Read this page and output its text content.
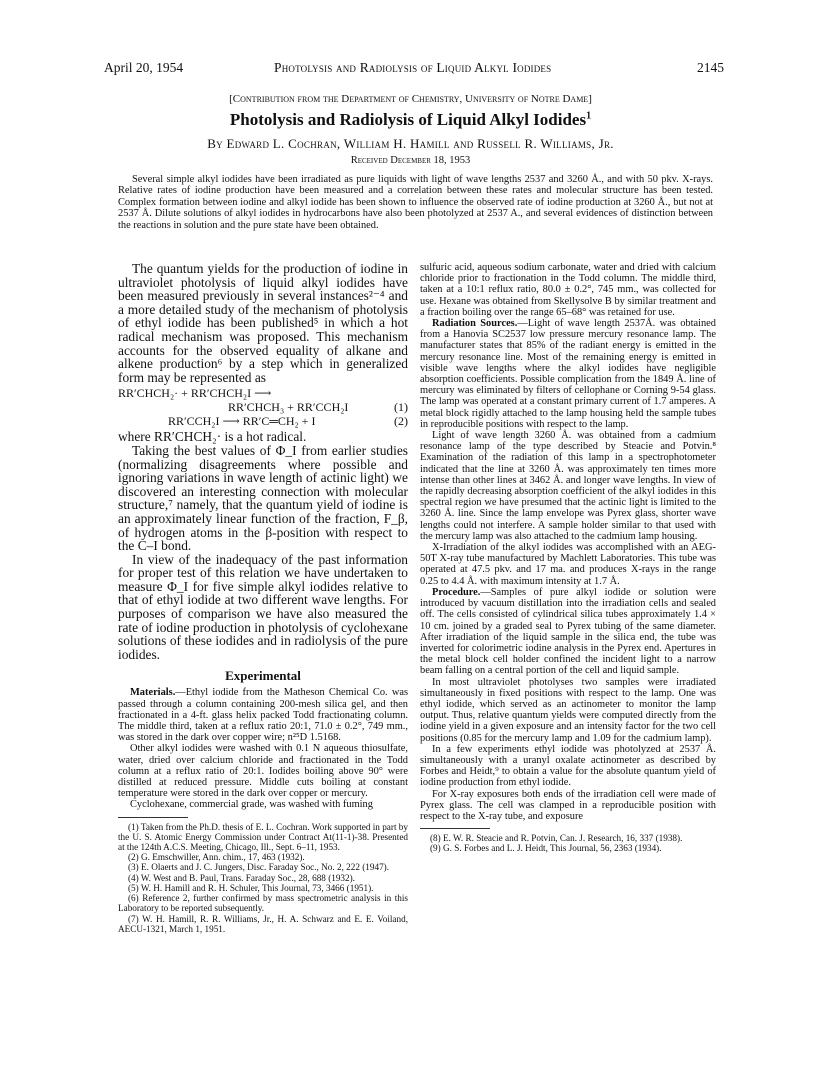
April 20, 1954	Photolysis and Radiolysis of Liquid Alkyl Iodides	2145
[Contribution from the Department of Chemistry, University of Notre Dame]
Photolysis and Radiolysis of Liquid Alkyl Iodides$^1$
By Edward L. Cochran, William H. Hamill and Russell R. Williams, Jr.
Received December 18, 1953

Several simple alkyl iodides have been irradiated as pure liquids with light of wave lengths 2537 and 3260 Å., and with 50 pkv. X-rays. Relative rates of iodine production have been measured and a correlation between these rates and molecular structure has been tested. Complex formation between iodine and alkyl iodide has been shown to influence the observed rate of iodine production at 3260 Å., but not at 2537 Å. Dilute solutions of alkyl iodides in hydrocarbons have also been photolyzed at 2537 A., and several evidences of distinction between the reactions in solution and the pure state have been obtained.

The quantum yields for the production of iodine in ultraviolet photolysis of liquid alkyl iodides have been measured previously in several instances²⁻⁴ and a more detailed study of the mechanism of photolysis of ethyl iodide has been published⁵ in which a hot radical mechanism was proposed. This mechanism accounts for the observed equality of alkane and alkene production⁶ by a step which in generalized form may be represented as

RR′CHCH₂· + RR′CHCH₂I ⟶
RR′CHCH₃ + RR′CCH₂I	(1)
RR′CCH₂I ⟶ RR′C═CH₂ + I	(2)

where RR′CHCH₂· is a hot radical.

Taking the best values of Φ_I from earlier studies (normalizing disagreements where possible and ignoring variations in wave length of actinic light) we discovered an interesting connection with molecular structure,⁷ namely, that the quantum yield of iodine is an approximately linear function of the fraction, F_β, of hydrogen atoms in the β-position with respect to the C–I bond.

In view of the inadequacy of the past information for proper test of this relation we have undertaken to measure Φ_I for five simple alkyl iodides relative to that of ethyl iodide at two different wave lengths. For purposes of comparison we have also measured the rate of iodine production in photolysis of cyclohexane solutions of these iodides and in radiolysis of the pure iodides.

Experimental

Materials.—Ethyl iodide from the Matheson Chemical Co. was passed through a column containing 200-mesh silica gel, and then fractionated in a 4-ft. glass helix packed Todd fractionating column. The middle third, taken at a reflux ratio 20:1, 71.0 ± 0.2°, 749 mm., was stored in the dark over copper wire; n²⁵D 1.5168.

Other alkyl iodides were washed with 0.1 N aqueous thiosulfate, water, dried over calcium chloride and fractionated in the Todd column at a reflux ratio of 20:1. Iodides boiling above 90° were distilled at reduced pressure. Middle cuts boiling at constant temperature were stored in the dark over copper or mercury.

Cyclohexane, commercial grade, was washed with fuming

(1) Taken from the Ph.D. thesis of E. L. Cochran. Work supported in part by the U. S. Atomic Energy Commission under Contract At(11-1)-38. Presented at the 124th A.C.S. Meeting, Chicago, Ill., Sept. 6–11, 1953.

(2) G. Emschwiller, Ann. chim., 17, 463 (1932).

(3) E. Olaerts and J. C. Jungers, Disc. Faraday Soc., No. 2, 222 (1947).

(4) W. West and B. Paul, Trans. Faraday Soc., 28, 688 (1932).

(5) W. H. Hamill and R. H. Schuler, This Journal, 73, 3466 (1951).

(6) Reference 2, further confirmed by mass spectrometric analysis in this Laboratory to be reported subsequently.

(7) W. H. Hamill, R. R. Williams, Jr., H. A. Schwarz and E. E. Voiland, AECU-1321, March 1, 1951.

sulfuric acid, aqueous sodium carbonate, water and dried with calcium chloride prior to fractionation in the Todd column. The middle third, taken at a 10:1 reflux ratio, 80.0 ± 0.2°, 745 mm., was collected for use. Hexane was obtained from Skellysolve B by similar treatment and a fraction boiling over the range 65–68° was retained for use.

Radiation Sources.—Light of wave length 2537Å. was obtained from a Hanovia SC2537 low pressure mercury resonance lamp. The manufacturer states that 85% of the radiant energy is emitted in the mercury resonance line. Most of the remaining energy is emitted in visible wave lengths where the alkyl iodides have negligible absorption coefficients. Possible complication from the 1849 Å. line of mercury was eliminated by filters of cellophane or Corning 9-54 glass. The lamp was operated at a constant primary current of 1.7 amperes. A metal block rigidly attached to the lamp housing held the sample tubes in reproducible positions with respect to the lamp.

Light of wave length 3260 Å. was obtained from a cadmium resonance lamp of the type described by Steacie and Potvin.⁸ Examination of the radiation of this lamp in a spectrophotometer indicated that the line at 3260 Å. was approximately ten times more intense than other lines at 3462 Å. and longer wave lengths. In view of the rapidly decreasing absorption coefficient of the alkyl iodides in this spectral region we have presumed that the actinic light is limited to the 3260 Å. line. Since the lamp envelope was Pyrex glass, shorter wave lengths could not interfere. A sample holder similar to that used with the mercury lamp was also attached to the cadmium lamp housing.

X-Irradiation of the alkyl iodides was accomplished with an AEG-50T X-ray tube manufactured by Machlett Laboratories. This tube was operated at 47.5 pkv. and 17 ma. and produces X-rays in the range 0.25 to 4.4 Å. with maximum intensity at 1.7 Å.

Procedure.—Samples of pure alkyl iodide or solution were introduced by vacuum distillation into the irradiation cells and sealed off. The cells consisted of cylindrical silica tubes approximately 1.4 × 10 cm. joined by a graded seal to Pyrex tubing of the same diameter. After irradiation of the liquid sample in the silica end, the tube was inverted for colorimetric iodine analysis in the Pyrex end. Apertures in the metal block cell holder confined the incident light to a narrow beam falling on a central portion of the cell and liquid sample.

In most ultraviolet photolyses two samples were irradiated simultaneously in fixed positions with respect to the lamp. One was ethyl iodide, which served as an actinometer to monitor the lamp output. Thus, relative quantum yields were computed directly from the iodine yield in a given exposure and an intensity factor for the two cell positions (0.85 for the mercury lamp and 1.09 for the cadmium lamp).

In a few experiments ethyl iodide was photolyzed at 2537 Å. simultaneously with a uranyl oxalate actinometer as described by Forbes and Heidt,⁹ to obtain a value for the absolute quantum yield of iodine production from ethyl iodide.

For X-ray exposures both ends of the irradiation cell were made of Pyrex glass. The cell was clamped in a reproducible position with respect to the X-ray tube, and exposure

(8) E. W. R. Steacie and R. Potvin, Can. J. Research, 16, 337 (1938).

(9) G. S. Forbes and L. J. Heidt, This Journal, 56, 2363 (1934).
